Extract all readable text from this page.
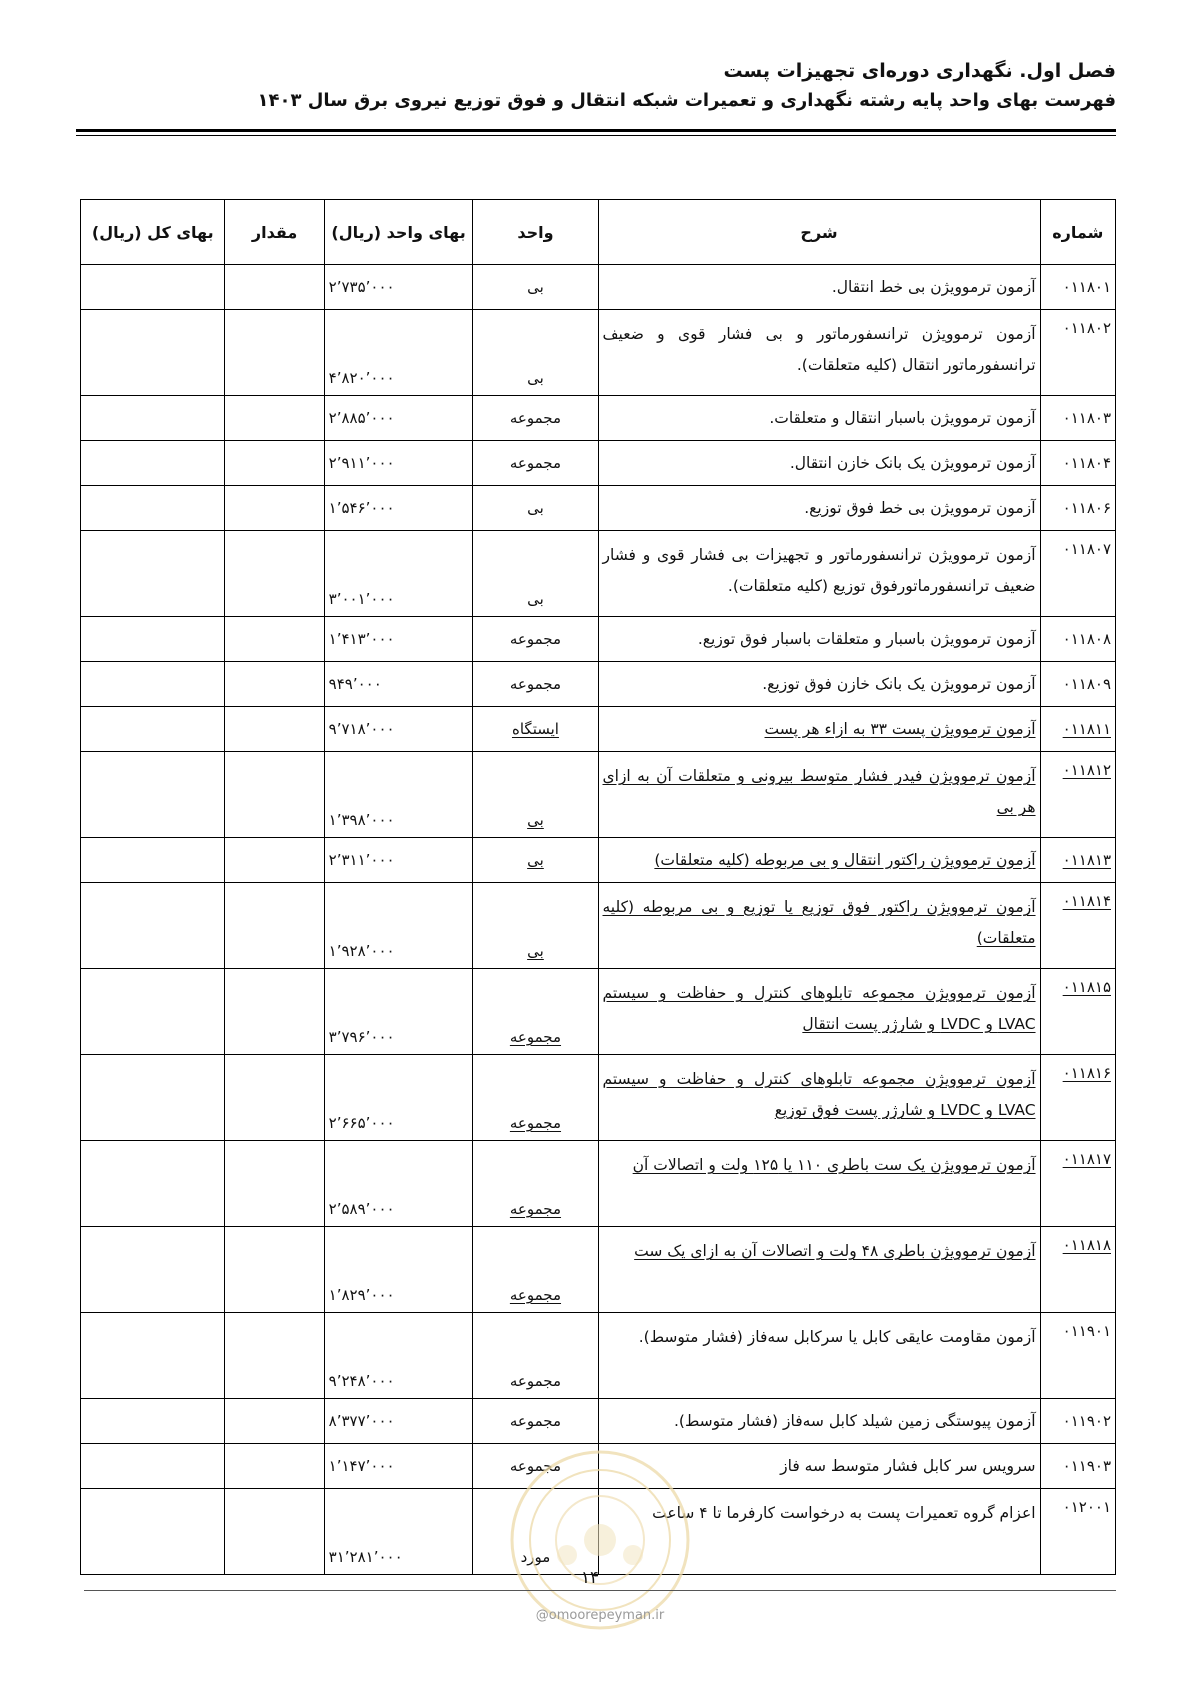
فصل اول. نگهداری دوره‌ای تجهیزات پست
فهرست بهای واحد پایه رشته نگهداری و تعمیرات شبکه انتقال و فوق توزیع نیروی برق سال ۱۴۰۳
شماره	شرح	واحد	بهای واحد (ریال)	مقدار	بهای کل (ریال)
۰۱۱۸۰۱	آزمون ترموویژن بی خط انتقال.	بی	۲٬۷۳۵٬۰۰۰		
۰۱۱۸۰۲	آزمون ترموویژن ترانسفورماتور و بی فشار قوی و ضعیف ترانسفورماتور انتقال (کلیه متعلقات).	بی	۴٬۸۲۰٬۰۰۰		
۰۱۱۸۰۳	آزمون ترموویژن باسبار انتقال و متعلقات.	مجموعه	۲٬۸۸۵٬۰۰۰		
۰۱۱۸۰۴	آزمون ترمو‌ویژن یک بانک خازن انتقال.	مجموعه	۲٬۹۱۱٬۰۰۰		
۰۱۱۸۰۶	آزمون ترمو‌ویژن بی خط فوق توزیع.	بی	۱٬۵۴۶٬۰۰۰		
۰۱۱۸۰۷	آزمون ترمو‌ویژن ترانسفورماتور و تجهیزات بی فشار قوی و فشار ضعیف ترانسفورماتورفوق توزیع (کلیه متعلقات).	بی	۳٬۰۰۱٬۰۰۰		
۰۱۱۸۰۸	آزمون ترمو‌ویژن باسبار و متعلقات باسبار فوق توزیع.	مجموعه	۱٬۴۱۳٬۰۰۰		
۰۱۱۸۰۹	آزمون ترمو‌ویژن یک بانک خازن فوق توزیع.	مجموعه	۹۴۹٬۰۰۰		
۰۱۱۸۱۱	آزمون ترمو‌ویژن پست ۳۳ به ازاء هر پست	ایستگاه	۹٬۷۱۸٬۰۰۰		
۰۱۱۸۱۲	آزمون ترمو‌ویژن فیدر فشار متوسط بیرونی و متعلقات آن به ازای هر بی	بی	۱٬۳۹۸٬۰۰۰		
۰۱۱۸۱۳	آزمون ترمو‌ویژن راکتور انتقال و بی مربوطه (کلیه متعلقات)	بی	۲٬۳۱۱٬۰۰۰		
۰۱۱۸۱۴	آزمون ترمو‌ویژن راکتور فوق توزیع یا توزیع و بی مربوطه (کلیه متعلقات)	بی	۱٬۹۲۸٬۰۰۰		
۰۱۱۸۱۵	آزمون ترمو‌ویژن مجموعه تابلوهای کنترل و حفاظت و سیستم LVAC و LVDC و شارژر پست انتقال	مجموعه	۳٬۷۹۶٬۰۰۰		
۰۱۱۸۱۶	آزمون ترمو‌ویژن مجموعه تابلوهای کنترل و حفاظت و سیستم LVAC و LVDC و شارژر پست فوق توزیع	مجموعه	۲٬۶۶۵٬۰۰۰		
۰۱۱۸۱۷	آزمون ترمو‌ویژن یک ست باطری ۱۱۰ یا ۱۲۵ ولت و اتصالات آن	مجموعه	۲٬۵۸۹٬۰۰۰		
۰۱۱۸۱۸	آزمون ترمو‌ویژن باطری ۴۸ ولت و اتصالات آن به ازای یک ست	مجموعه	۱٬۸۲۹٬۰۰۰		
۰۱۱۹۰۱	آزمون مقاومت عایقی کابل یا سرکابل سه‌فاز (فشار متوسط).	مجموعه	۹٬۲۴۸٬۰۰۰		
۰۱۱۹۰۲	آزمون پیوستگی زمین شیلد کابل سه‌فاز (فشار متوسط).	مجموعه	۸٬۳۷۷٬۰۰۰		
۰۱۱۹۰۳	سرویس سر کابل فشار متوسط سه فاز	مجموعه	۱٬۱۴۷٬۰۰۰		
۰۱۲۰۰۱	اعزام گروه تعمیرات پست به درخواست کارفرما تا ۴ ساعت	مورد	۳۱٬۲۸۱٬۰۰۰		
۱۴
@omoorepeyman.ir
